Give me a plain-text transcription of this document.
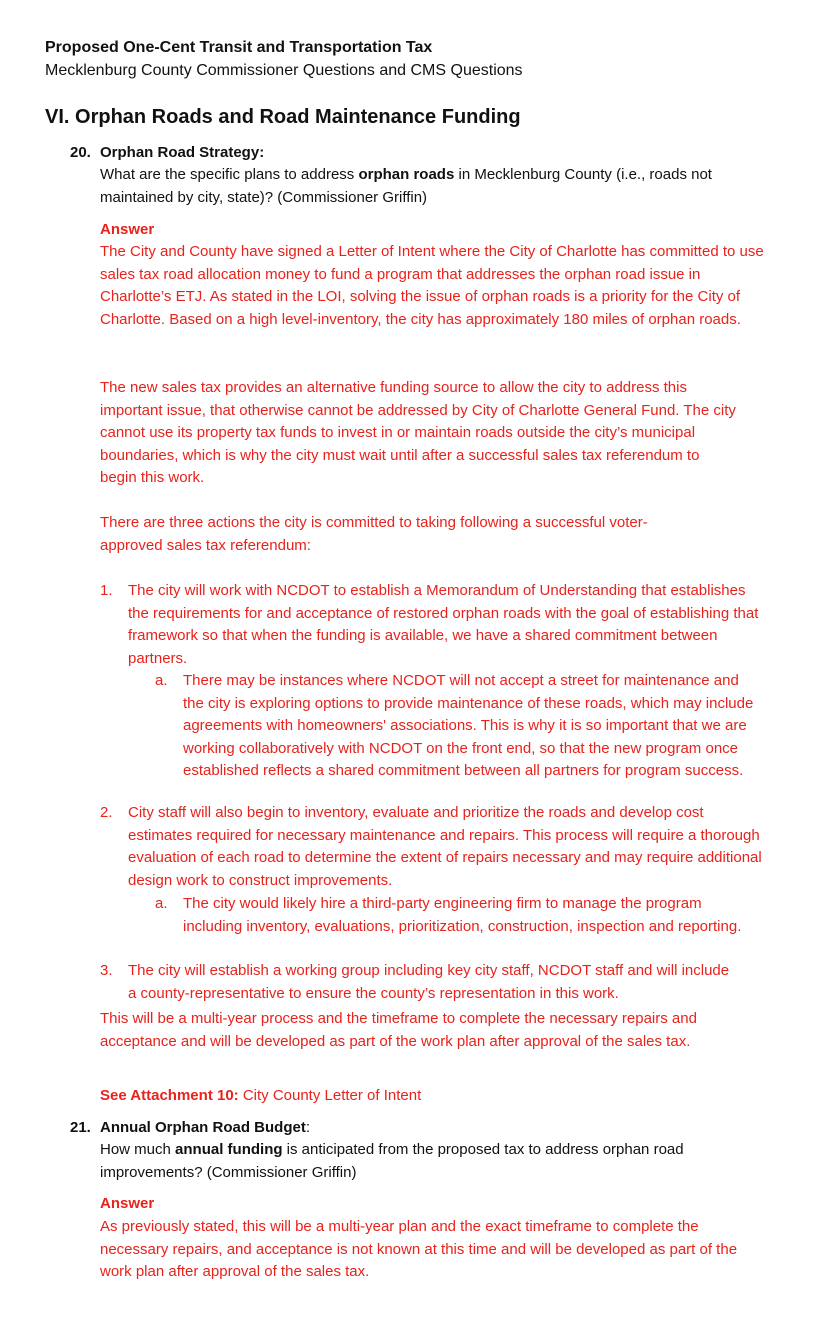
Proposed One-Cent Transit and Transportation Tax
Mecklenburg County Commissioner Questions and CMS Questions
VI. Orphan Roads and Road Maintenance Funding
20. Orphan Road Strategy:
What are the specific plans to address orphan roads in Mecklenburg County (i.e., roads not maintained by city, state)? (Commissioner Griffin)
Answer
The City and County have signed a Letter of Intent where the City of Charlotte has committed to use sales tax road allocation money to fund a program that addresses the orphan road issue in Charlotte’s ETJ. As stated in the LOI, solving the issue of orphan roads is a priority for the City of Charlotte. Based on a high level-inventory, the city has approximately 180 miles of orphan roads.
The new sales tax provides an alternative funding source to allow the city to address this important issue, that otherwise cannot be addressed by City of Charlotte General Fund. The city cannot use its property tax funds to invest in or maintain roads outside the city’s municipal boundaries, which is why the city must wait until after a successful sales tax referendum to begin this work.
There are three actions the city is committed to taking following a successful voter-approved sales tax referendum:
1. The city will work with NCDOT to establish a Memorandum of Understanding that establishes the requirements for and acceptance of restored orphan roads with the goal of establishing that framework so that when the funding is available, we have a shared commitment between partners.
a. There may be instances where NCDOT will not accept a street for maintenance and the city is exploring options to provide maintenance of these roads, which may include agreements with homeowners' associations. This is why it is so important that we are working collaboratively with NCDOT on the front end, so that the new program once established reflects a shared commitment between all partners for program success.
2. City staff will also begin to inventory, evaluate and prioritize the roads and develop cost estimates required for necessary maintenance and repairs. This process will require a thorough evaluation of each road to determine the extent of repairs necessary and may require additional design work to construct improvements.
a. The city would likely hire a third-party engineering firm to manage the program including inventory, evaluations, prioritization, construction, inspection and reporting.
3. The city will establish a working group including key city staff, NCDOT staff and will include a county-representative to ensure the county’s representation in this work.
This will be a multi-year process and the timeframe to complete the necessary repairs and acceptance and will be developed as part of the work plan after approval of the sales tax.
See Attachment 10: City County Letter of Intent
21. Annual Orphan Road Budget:
How much annual funding is anticipated from the proposed tax to address orphan road improvements? (Commissioner Griffin)
Answer
As previously stated, this will be a multi-year plan and the exact timeframe to complete the necessary repairs, and acceptance is not known at this time and will be developed as part of the work plan after approval of the sales tax.
